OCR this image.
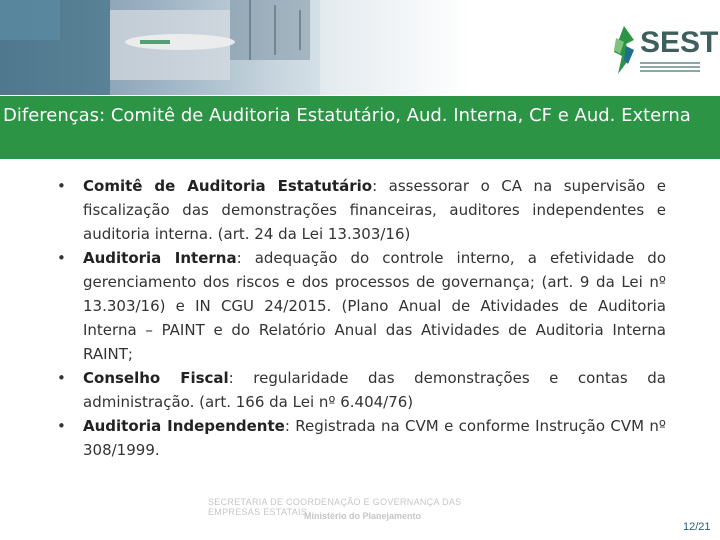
SEST
Diferenças: Comitê de Auditoria Estatutário, Aud. Interna, CF e Aud. Externa
• Comitê de Auditoria Estatutário: assessorar o CA na supervisão e fiscalização das demonstrações financeiras, auditores independentes e auditoria interna. (art. 24 da Lei 13.303/16)
• Auditoria Interna: adequação do controle interno, a efetividade do gerenciamento dos riscos e dos processos de governança; (art. 9 da Lei nº 13.303/16) e IN CGU 24/2015. (Plano Anual de Atividades de Auditoria Interna – PAINT e do Relatório Anual das Atividades de Auditoria Interna RAINT;
• Conselho Fiscal: regularidade das demonstrações e contas da administração. (art. 166 da Lei nº 6.404/76)
• Auditoria Independente: Registrada na CVM e conforme Instrução CVM nº 308/1999.
SECRETARIA DE COORDENAÇÃO E GOVERNANÇA DAS EMPRESAS ESTATAIS
Ministério do Planejamento
12/21
